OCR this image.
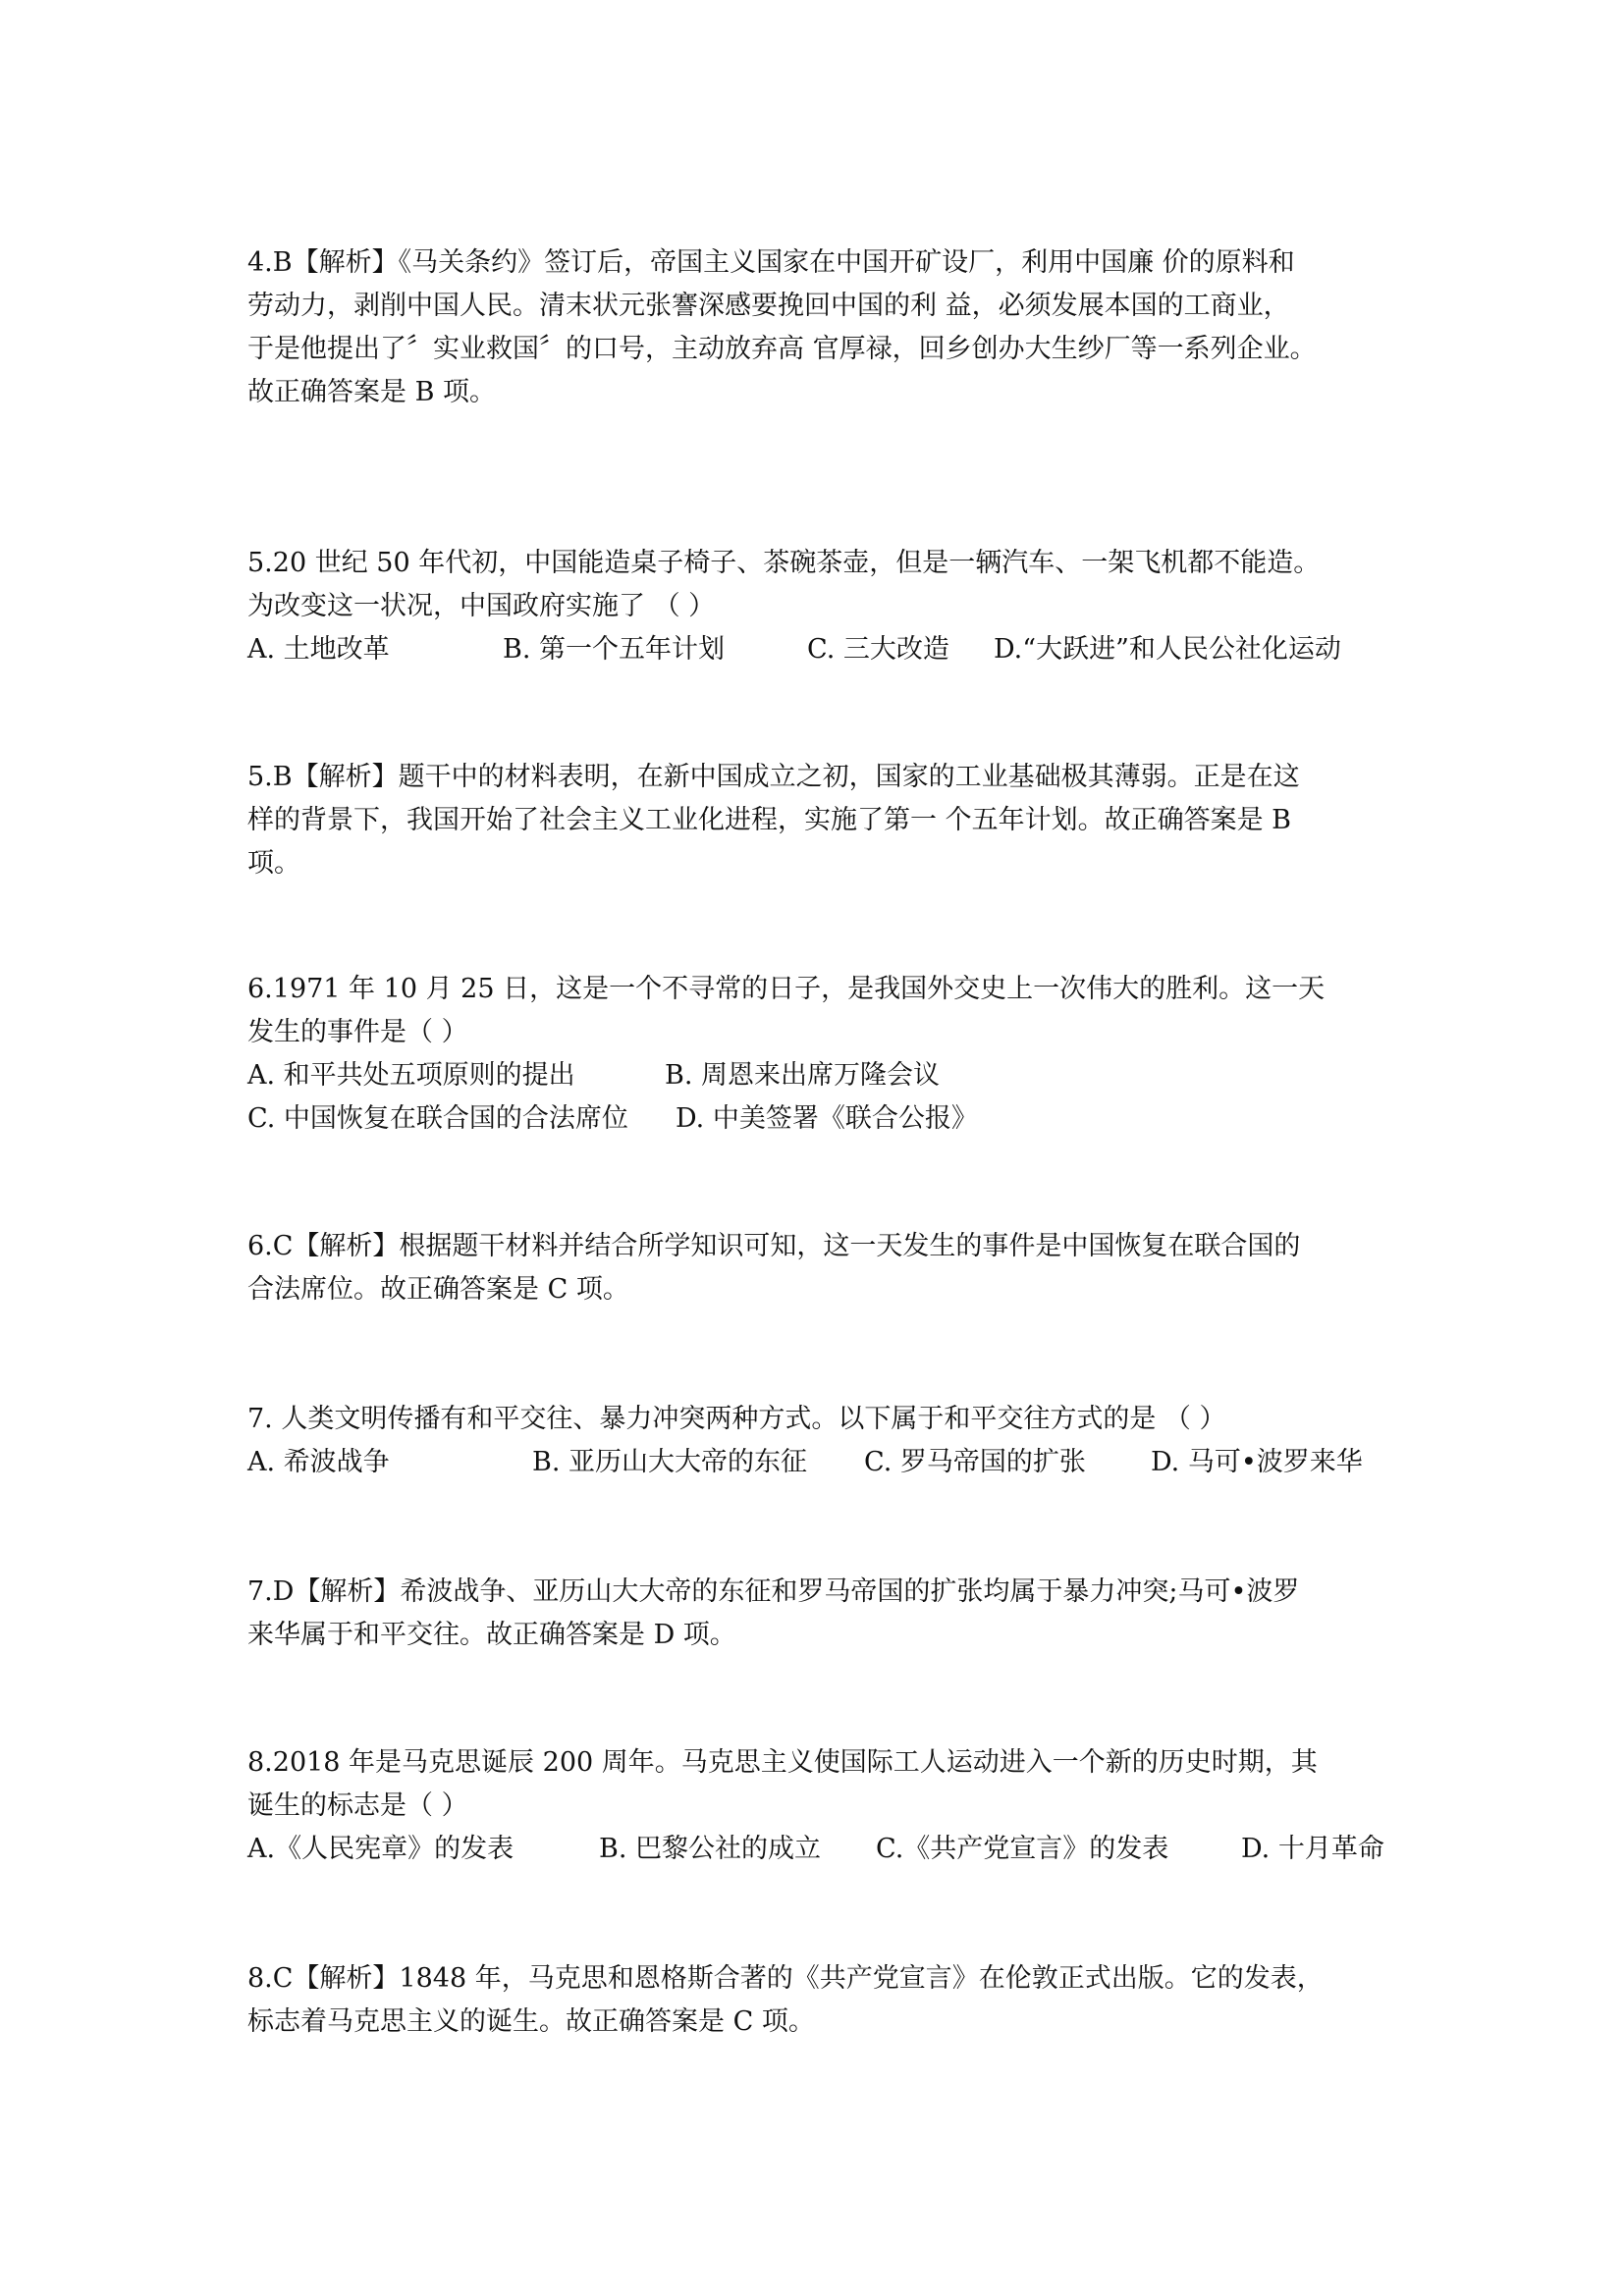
4.B【解析】《马关条约》签订后，帝国主义国家在中国开矿设厂，利用中国廉 价的原料和
劳动力，剥削中国人民。清末状元张謇深感要挽回中国的利 益，必须发展本国的工商业，
于是他提出了〞实业救国〞的口号，主动放弃高 官厚禄，回乡创办大生纱厂等一系列企业。
故正确答案是 B 项。
5.20 世纪 50 年代初，中国能造桌子椅子、茶碗茶壶，但是一辆汽车、一架飞机都不能造。
为改变这一状况，中国政府实施了 （ ）
A. 土地改革	B. 第一个五年计划	C. 三大改造 D.“大跃进”和人民公社化运动
5.B【解析】题干中的材料表明，在新中国成立之初，国家的工业基础极其薄弱。正是在这
样的背景下，我国开始了社会主义工业化进程，实施了第一 个五年计划。故正确答案是 B
项。
6.1971 年 10 月 25 日，这是一个不寻常的日子，是我国外交史上一次伟大的胜利。这一天
发生的事件是（ ）
A. 和平共处五项原则的提出	B. 周恩来出席万隆会议
C. 中国恢复在联合国的合法席位 D. 中美签署《联合公报》
6.C【解析】根据题干材料并结合所学知识可知，这一天发生的事件是中国恢复在联合国的
合法席位。故正确答案是 C 项。
7. 人类文明传播有和平交往、暴力冲突两种方式。以下属于和平交往方式的是 （ ）
A. 希波战争	B. 亚历山大大帝的东征 C. 罗马帝国的扩张 D. 马可•波罗来华
7.D【解析】希波战争、亚历山大大帝的东征和罗马帝国的扩张均属于暴力冲突;马可•波罗
来华属于和平交往。故正确答案是 D 项。
8.2018 年是马克思诞辰 200 周年。马克思主义使国际工人运动进入一个新的历史时期，其
诞生的标志是（ ）
A.《人民宪章》的发表	B. 巴黎公社的成立 C.《共产党宣言》的发表	D. 十月革命
8.C【解析】1848 年，马克思和恩格斯合著的《共产党宣言》在伦敦正式出版。它的发表，
标志着马克思主义的诞生。故正确答案是 C 项。
